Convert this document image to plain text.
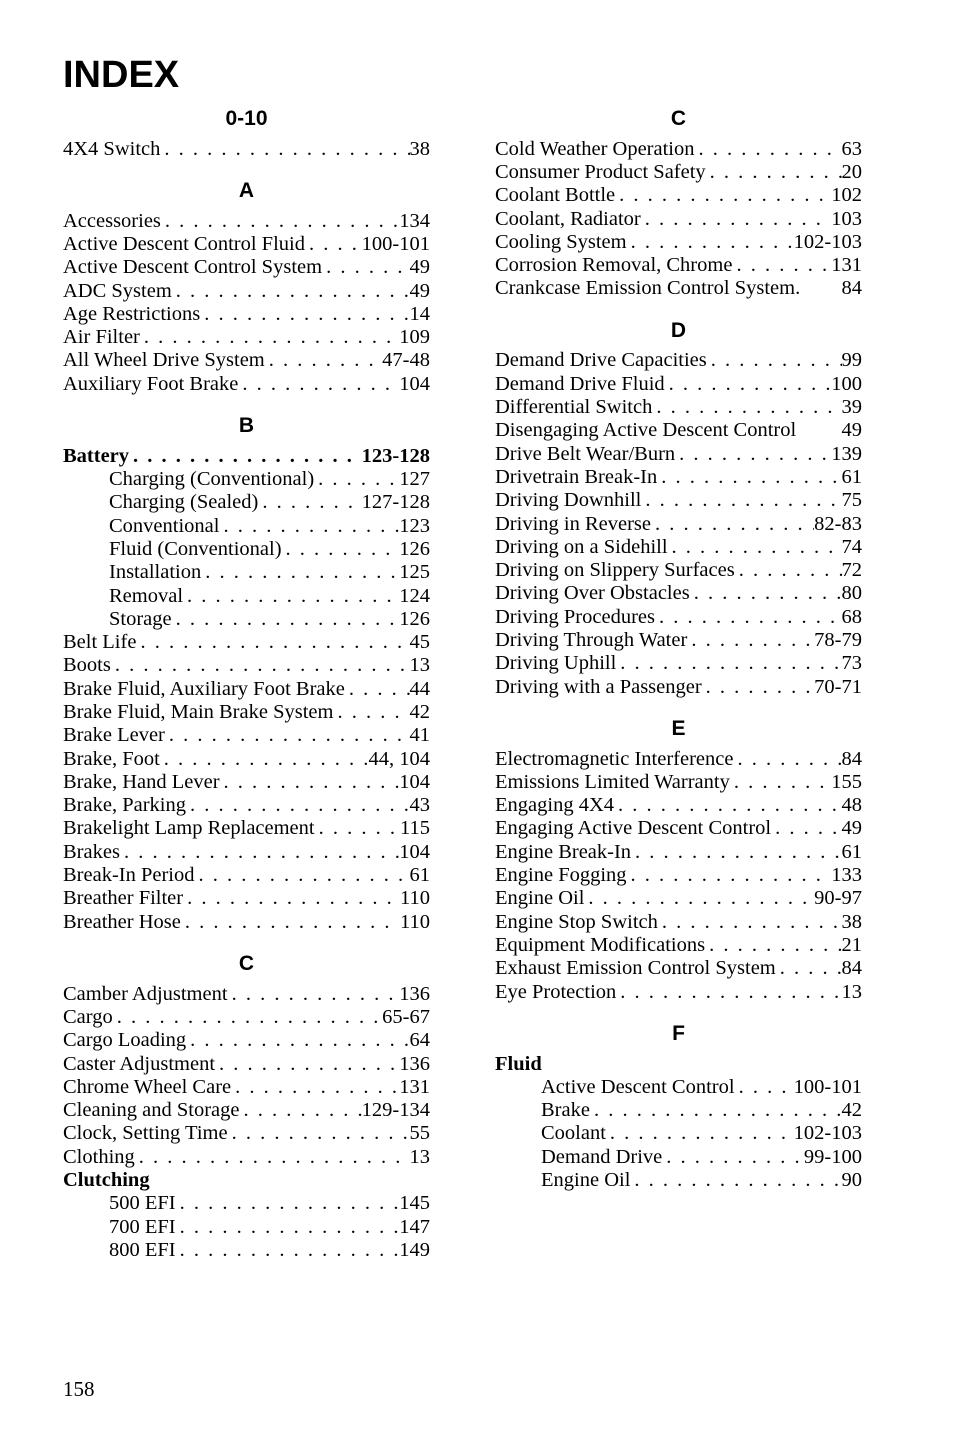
INDEX
0-10
4X4 Switch . . .	38
A
Accessories . . .	134
Active Descent Control Fluid . . .	100-101
Active Descent Control System . . .	49
ADC System . . .	49
Age Restrictions . . .	14
Air Filter . . .	109
All Wheel Drive System . . .	47-48
Auxiliary Foot Brake . . .	104
B
Battery . . .	123-128
Charging (Conventional) . . .	127
Charging (Sealed) . . .	127-128
Conventional . . .	123
Fluid (Conventional) . . .	126
Installation . . .	125
Removal . . .	124
Storage . . .	126
Belt Life . . .	45
Boots . . .	13
Brake Fluid, Auxiliary Foot Brake . . .	44
Brake Fluid, Main Brake System . . .	42
Brake Lever . . .	41
Brake, Foot . . .	44, 104
Brake, Hand Lever . . .	104
Brake, Parking . . .	43
Brakelight Lamp Replacement . . .	115
Brakes . . .	104
Break-In Period . . .	61
Breather Filter . . .	110
Breather Hose . . .	110
C
Camber Adjustment . . .	136
Cargo . . .	65-67
Cargo Loading . . .	64
Caster Adjustment . . .	136
Chrome Wheel Care . . .	131
Cleaning and Storage . . .	129-134
Clock, Setting Time . . .	55
Clothing . . .	13
Clutching
500 EFI . . .	145
700 EFI . . .	147
800 EFI . . .	149
C
Cold Weather Operation . . .	63
Consumer Product Safety . . .	20
Coolant Bottle . . .	102
Coolant, Radiator . . .	103
Cooling System . . .	102-103
Corrosion Removal, Chrome . . .	131
Crankcase Emission Control System. 84
D
Demand Drive Capacities . . .	99
Demand Drive Fluid . . .	100
Differential Switch . . .	39
Disengaging Active Descent Control 49
Drive Belt Wear/Burn . . .	139
Drivetrain Break-In . . .	61
Driving Downhill . . .	75
Driving in Reverse . . .	82-83
Driving on a Sidehill . . .	74
Driving on Slippery Surfaces . . .	72
Driving Over Obstacles . . .	80
Driving Procedures . . .	68
Driving Through Water . . .	78-79
Driving Uphill . . .	73
Driving with a Passenger . . .	70-71
E
Electromagnetic Interference . . .	84
Emissions Limited Warranty . . .	155
Engaging 4X4 . . .	48
Engaging Active Descent Control . . .	49
Engine Break-In . . .	61
Engine Fogging . . .	133
Engine Oil . . .	90-97
Engine Stop Switch . . .	38
Equipment Modifications . . .	21
Exhaust Emission Control System . . .	84
Eye Protection . . .	13
F
Fluid
Active Descent Control . . .	100-101
Brake . . .	42
Coolant . . .	102-103
Demand Drive . . .	99-100
Engine Oil . . .	90
158
